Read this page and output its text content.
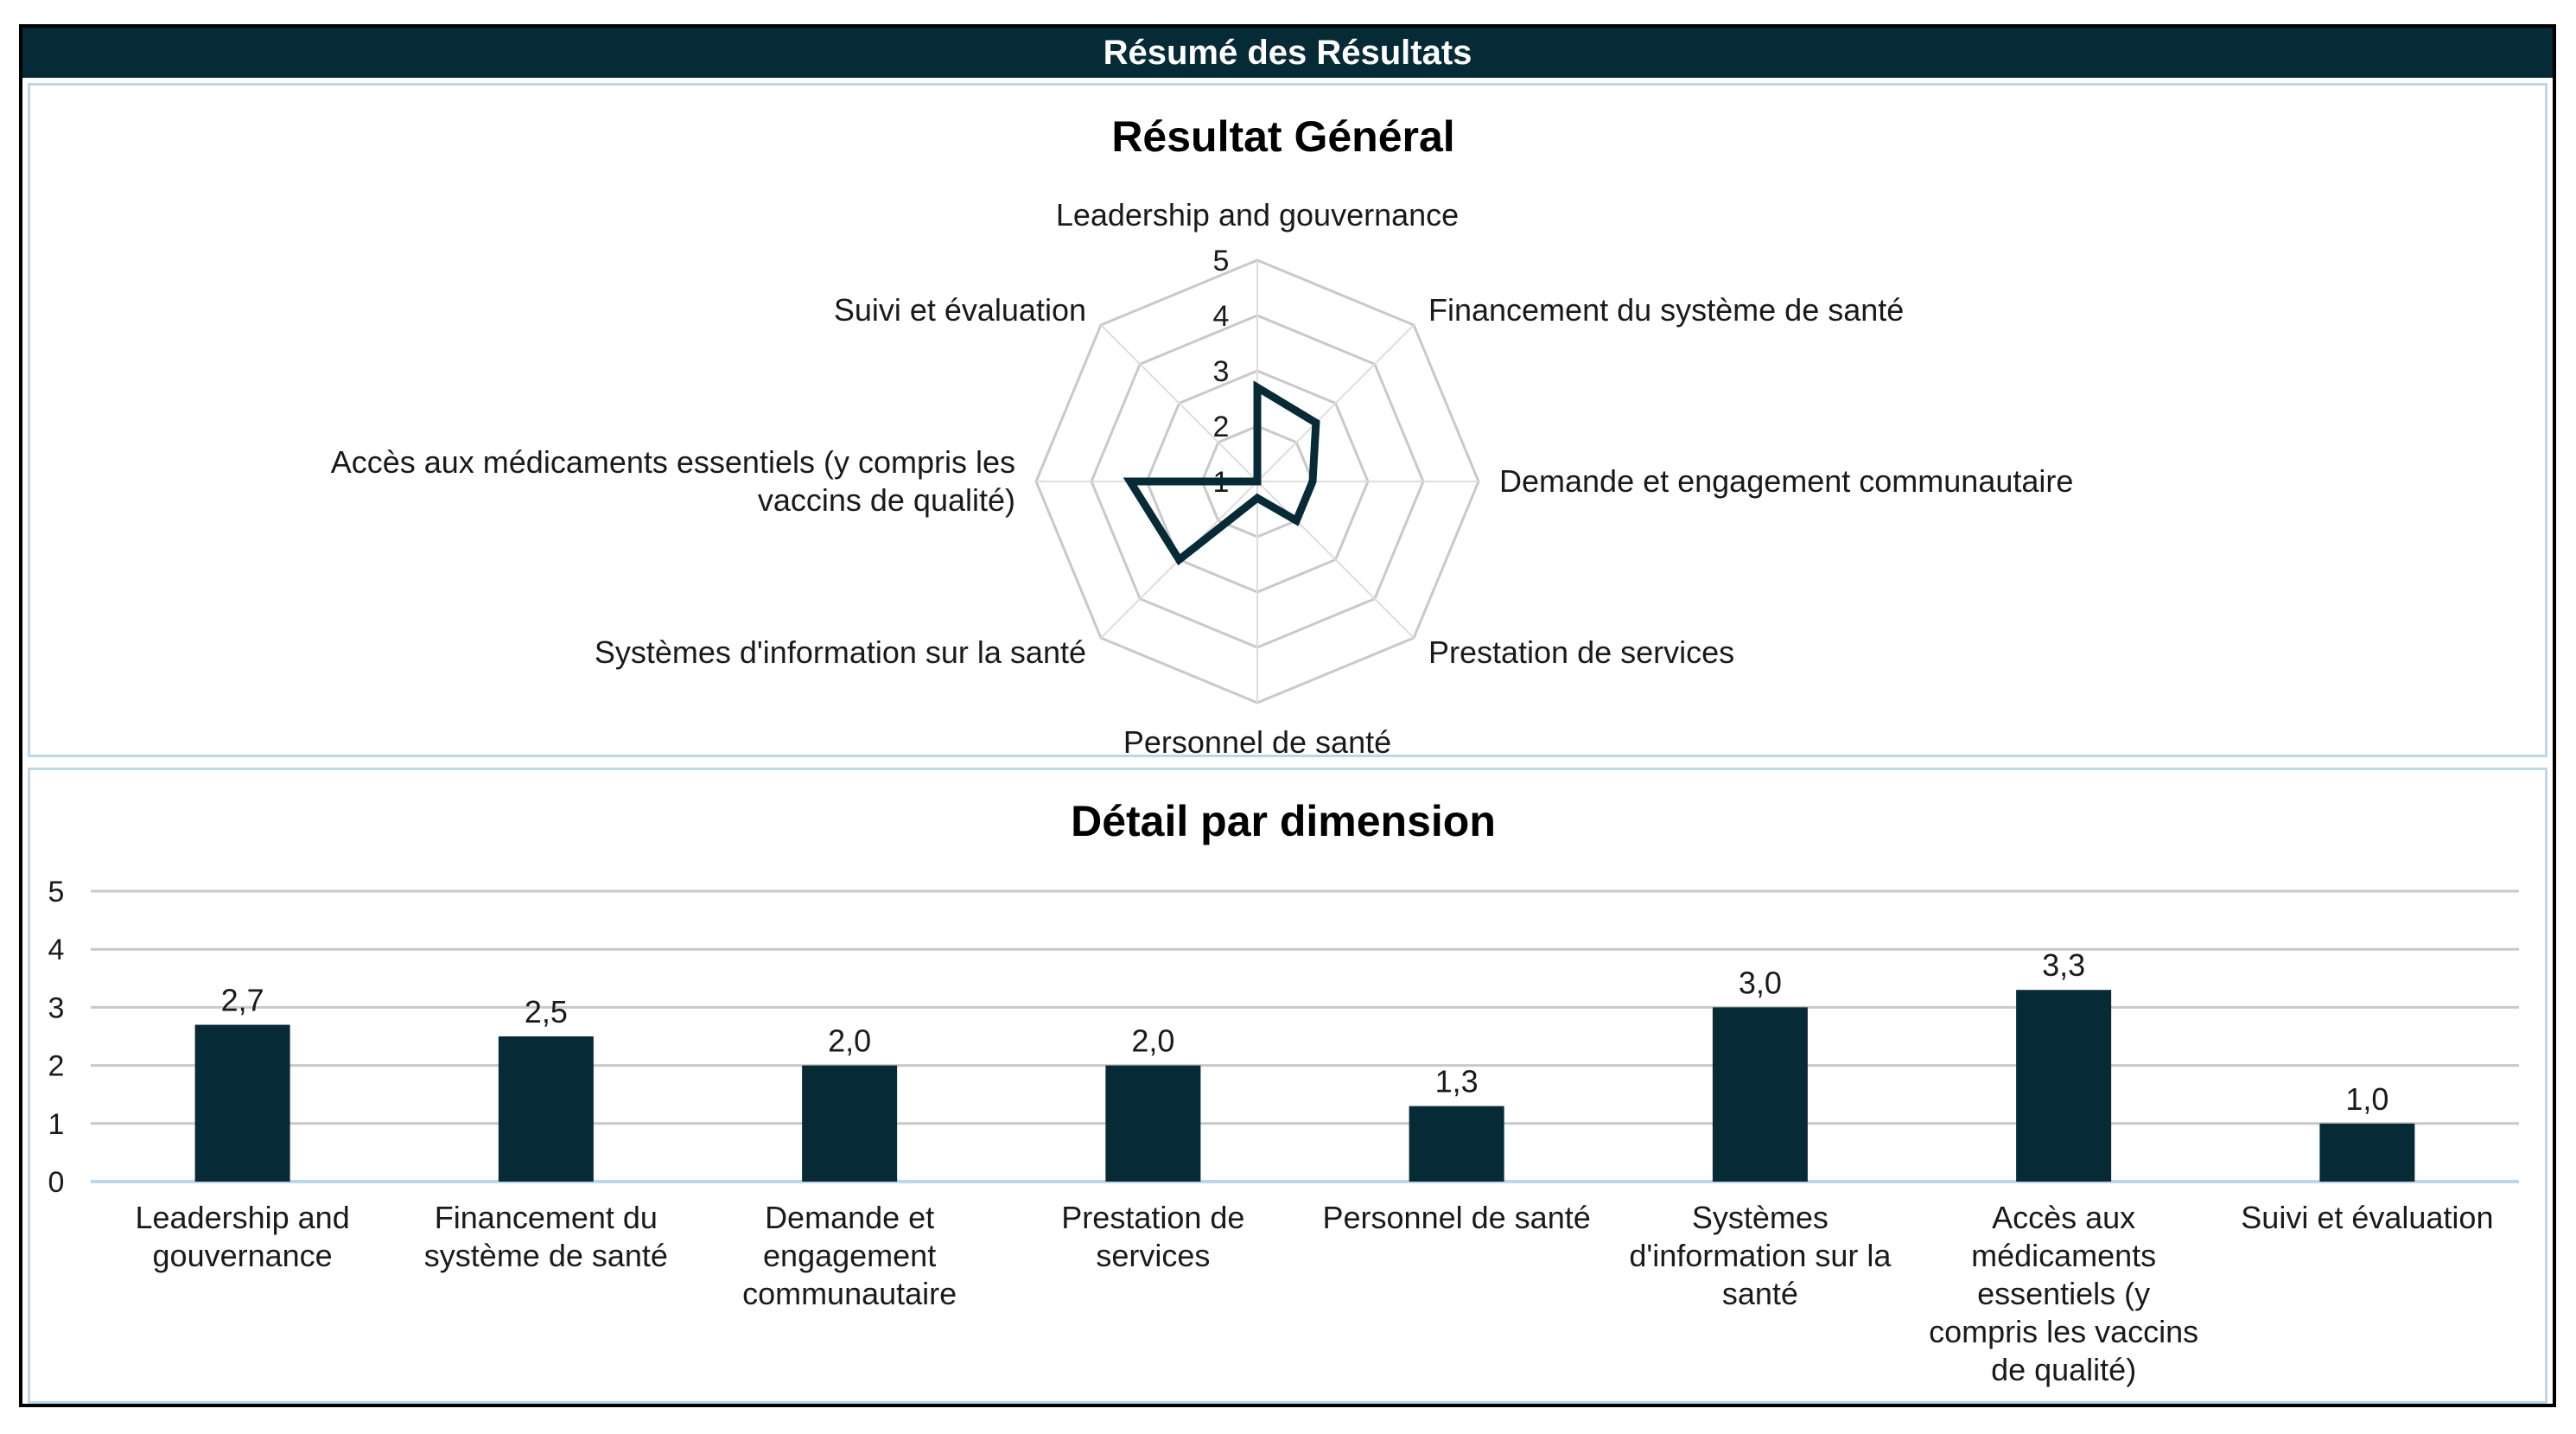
Résumé des Résultats
Résultat Général
1
2
3
4
5
Leadership and gouvernance
Financement du système de santé
Demande et engagement communautaire
Prestation de services
Personnel de santé
Systèmes d'information sur la santé
Accès aux médicaments essentiels (y compris les vaccins de qualité)
Suivi et évaluation
Détail par dimension
0
1
2
3
4
5
2,7	2,5
2,0	2,0
1,3
3,0	3,3
1,0
Leadership and gouvernance
Financement du système de santé
Demande et engagement communautaire
Prestation de services
Personnel de santé	Systèmes d'information sur la santé
Accès aux médicaments essentiels (y compris les vaccins de qualité)
Suivi et évaluation
